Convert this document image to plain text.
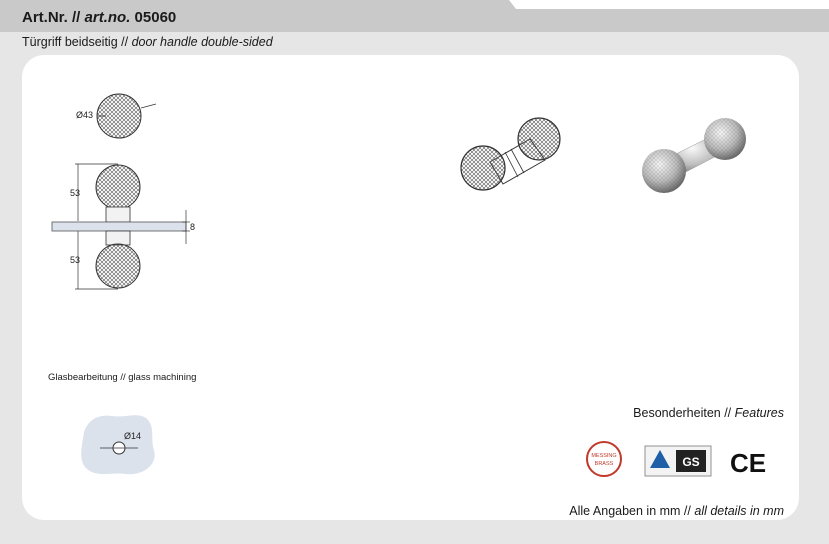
Art.Nr. // art.no. 05060
Türgriff beidseitig // door handle double-sided
Ø43
53
53
8
Ø14
MESSING
BRASS	GS CE
Glasbearbeitung // glass machining
Besonderheiten // Features
Alle Angaben in mm // all details in mm
